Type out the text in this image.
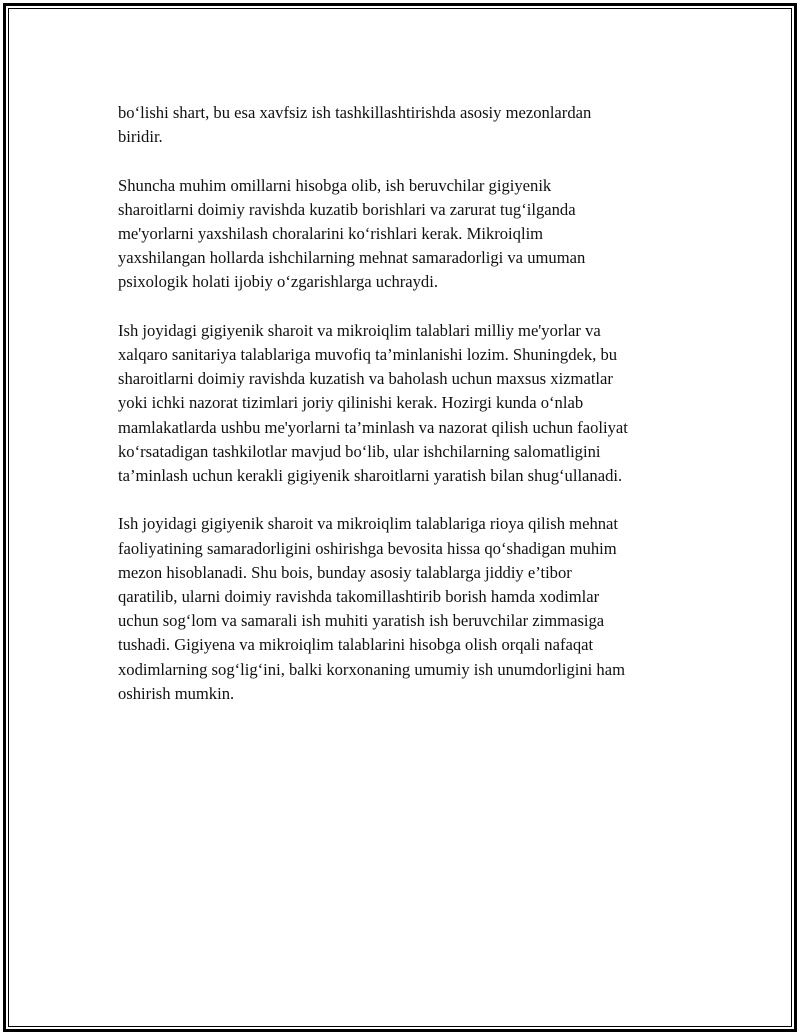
boʻlishi shart, bu esa xavfsiz ish tashkillashtirishda asosiy mezonlardan
biridir.

Shuncha muhim omillarni hisobga olib, ish beruvchilar gigiyenik
sharoitlarni doimiy ravishda kuzatib borishlari va zarurat tugʻilganda
me'yorlarni yaxshilash choralarini koʻrishlari kerak. Mikroiqlim
yaxshilangan hollarda ishchilarning mehnat samaradorligi va umuman
psixologik holati ijobiy oʻzgarishlarga uchraydi.

Ish joyidagi gigiyenik sharoit va mikroiqlim talablari milliy me'yorlar va
xalqaro sanitariya talablariga muvofiq ta’minlanishi lozim. Shuningdek, bu
sharoitlarni doimiy ravishda kuzatish va baholash uchun maxsus xizmatlar
yoki ichki nazorat tizimlari joriy qilinishi kerak. Hozirgi kunda oʻnlab
mamlakatlarda ushbu me'yorlarni ta’minlash va nazorat qilish uchun faoliyat
koʻrsatadigan tashkilotlar mavjud boʻlib, ular ishchilarning salomatligini
ta’minlash uchun kerakli gigiyenik sharoitlarni yaratish bilan shugʻullanadi.

Ish joyidagi gigiyenik sharoit va mikroiqlim talablariga rioya qilish mehnat
faoliyatining samaradorligini oshirishga bevosita hissa qoʻshadigan muhim
mezon hisoblanadi. Shu bois, bunday asosiy talablarga jiddiy e’tibor
qaratilib, ularni doimiy ravishda takomillashtirib borish hamda xodimlar
uchun sogʻlom va samarali ish muhiti yaratish ish beruvchilar zimmasiga
tushadi. Gigiyena va mikroiqlim talablarini hisobga olish orqali nafaqat
xodimlarning sogʻligʻini, balki korxonaning umumiy ish unumdorligini ham
oshirish mumkin.
